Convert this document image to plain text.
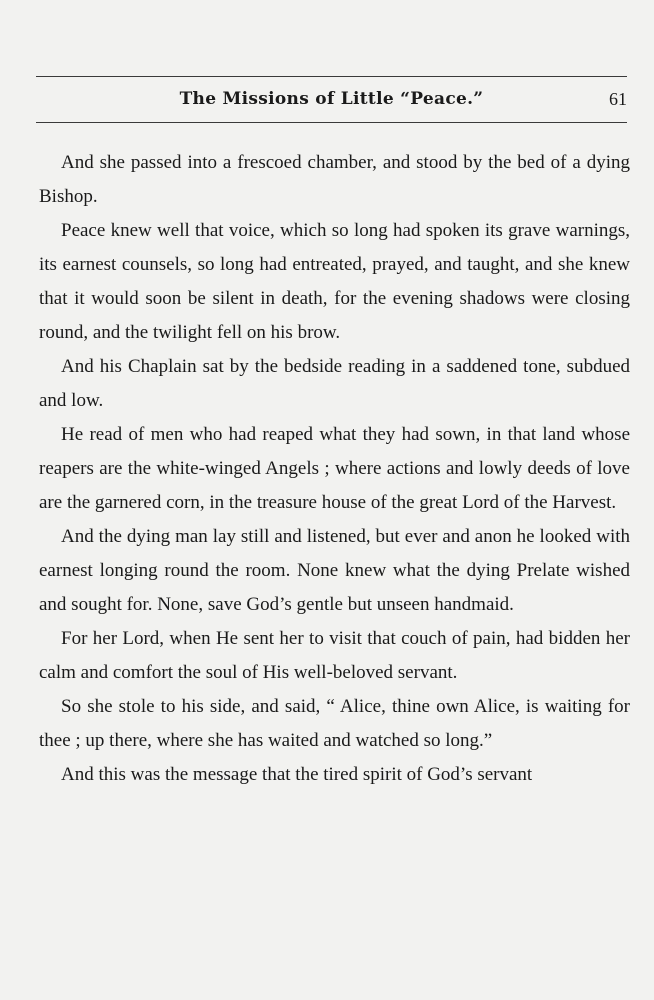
The Missions of Little “Peace.”	61

And she passed into a frescoed chamber, and stood by the bed of a dying Bishop.

Peace knew well that voice, which so long had spoken its grave warnings, its earnest counsels, so long had entreated, prayed, and taught, and she knew that it would soon be silent in death, for the evening shadows were closing round, and the twilight fell on his brow.

And his Chaplain sat by the bedside reading in a saddened tone, subdued and low.

He read of men who had reaped what they had sown, in that land whose reapers are the white-winged Angels ; where actions and lowly deeds of love are the garnered corn, in the treasure house of the great Lord of the Harvest.

And the dying man lay still and listened, but ever and anon he looked with earnest longing round the room. None knew what the dying Prelate wished and sought for. None, save God’s gentle but unseen handmaid.

For her Lord, when He sent her to visit that couch of pain, had bidden her calm and comfort the soul of His well-beloved servant.

So she stole to his side, and said, “ Alice, thine own Alice, is waiting for thee ; up there, where she has waited and watched so long.”

And this was the message that the tired spirit of God’s servant
